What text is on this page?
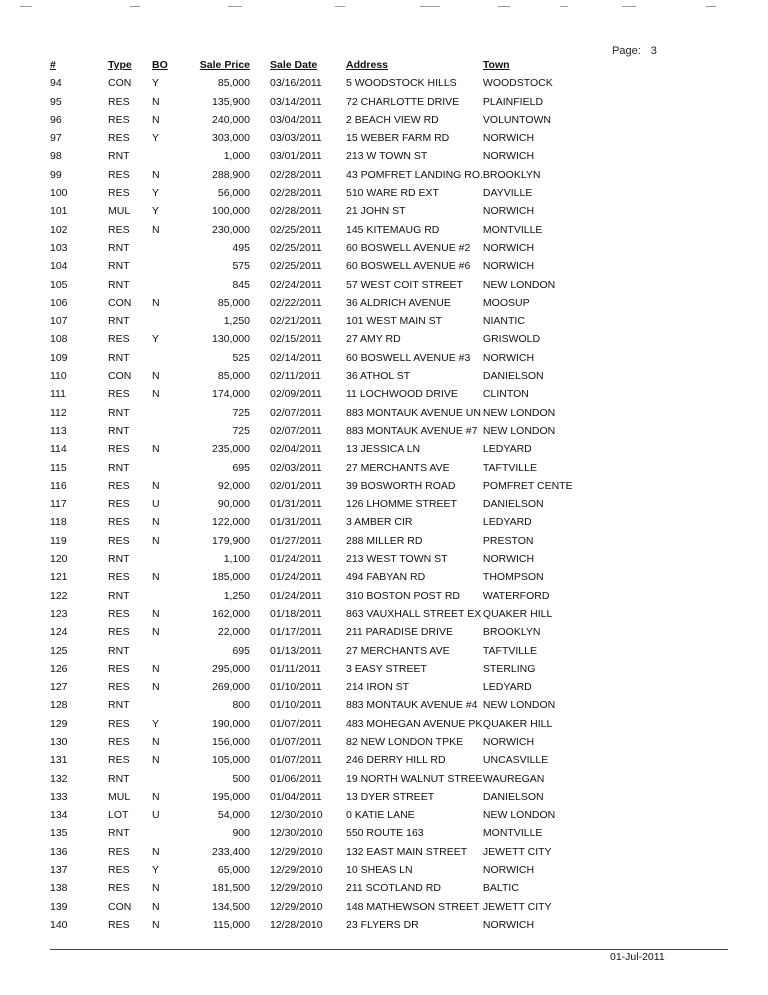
Page: 3
#	Type	BO	Sale Price		Sale Date	Address	Town
94	CON	Y	85,000		03/16/2011	5 WOODSTOCK HILLS	WOODSTOCK
95	RES	N	135,900		03/14/2011	72 CHARLOTTE DRIVE	PLAINFIELD
96	RES	N	240,000		03/04/2011	2 BEACH VIEW RD	VOLUNTOWN
97	RES	Y	303,000		03/03/2011	15 WEBER FARM RD	NORWICH
98	RNT		1,000		03/01/2011	213 W TOWN ST	NORWICH
99	RES	N	288,900		02/28/2011	43 POMFRET LANDING RO.	BROOKLYN
100	RES	Y	56,000		02/28/2011	510 WARE RD EXT	DAYVILLE
101	MUL	Y	100,000		02/28/2011	21 JOHN ST	NORWICH
102	RES	N	230,000		02/25/2011	145 KITEMAUG RD	MONTVILLE
103	RNT		495		02/25/2011	60 BOSWELL AVENUE #2	NORWICH
104	RNT		575		02/25/2011	60 BOSWELL AVENUE #6	NORWICH
105	RNT		845		02/24/2011	57 WEST COIT STREET	NEW LONDON
106	CON	N	85,000		02/22/2011	36 ALDRICH AVENUE	MOOSUP
107	RNT		1,250		02/21/2011	101 WEST MAIN ST	NIANTIC
108	RES	Y	130,000		02/15/2011	27 AMY RD	GRISWOLD
109	RNT		525		02/14/2011	60 BOSWELL AVENUE #3	NORWICH
110	CON	N	85,000		02/11/2011	36 ATHOL ST	DANIELSON
111	RES	N	174,000		02/09/2011	11 LOCHWOOD DRIVE	CLINTON
112	RNT		725		02/07/2011	883 MONTAUK AVENUE UN	NEW LONDON
113	RNT		725		02/07/2011	883 MONTAUK AVENUE #7	NEW LONDON
114	RES	N	235,000		02/04/2011	13 JESSICA LN	LEDYARD
115	RNT		695		02/03/2011	27 MERCHANTS AVE	TAFTVILLE
116	RES	N	92,000		02/01/2011	39 BOSWORTH ROAD	POMFRET CENTE
117	RES	U	90,000		01/31/2011	126 LHOMME STREET	DANIELSON
118	RES	N	122,000		01/31/2011	3 AMBER CIR	LEDYARD
119	RES	N	179,900		01/27/2011	288 MILLER RD	PRESTON
120	RNT		1,100		01/24/2011	213 WEST TOWN ST	NORWICH
121	RES	N	185,000		01/24/2011	494 FABYAN RD	THOMPSON
122	RNT		1,250		01/24/2011	310 BOSTON POST RD	WATERFORD
123	RES	N	162,000		01/18/2011	863 VAUXHALL STREET EX	QUAKER HILL
124	RES	N	22,000		01/17/2011	211 PARADISE DRIVE	BROOKLYN
125	RNT		695		01/13/2011	27 MERCHANTS AVE	TAFTVILLE
126	RES	N	295,000		01/11/2011	3 EASY STREET	STERLING
127	RES	N	269,000		01/10/2011	214 IRON ST	LEDYARD
128	RNT		800		01/10/2011	883 MONTAUK AVENUE #4	NEW LONDON
129	RES	Y	190,000		01/07/2011	483 MOHEGAN AVENUE PK	QUAKER HILL
130	RES	N	156,000		01/07/2011	82 NEW LONDON TPKE	NORWICH
131	RES	N	105,000		01/07/2011	246 DERRY HILL RD	UNCASVILLE
132	RNT		500		01/06/2011	19 NORTH WALNUT STREE	WAUREGAN
133	MUL	N	195,000		01/04/2011	13 DYER STREET	DANIELSON
134	LOT	U	54,000		12/30/2010	0 KATIE LANE	NEW LONDON
135	RNT		900		12/30/2010	550 ROUTE 163	MONTVILLE
136	RES	N	233,400		12/29/2010	132 EAST MAIN STREET	JEWETT CITY
137	RES	Y	65,000		12/29/2010	10 SHEAS LN	NORWICH
138	RES	N	181,500		12/29/2010	211 SCOTLAND RD	BALTIC
139	CON	N	134,500		12/29/2010	148 MATHEWSON STREET	JEWETT CITY
140	RES	N	115,000		12/28/2010	23 FLYERS DR	NORWICH
01-Jul-2011
